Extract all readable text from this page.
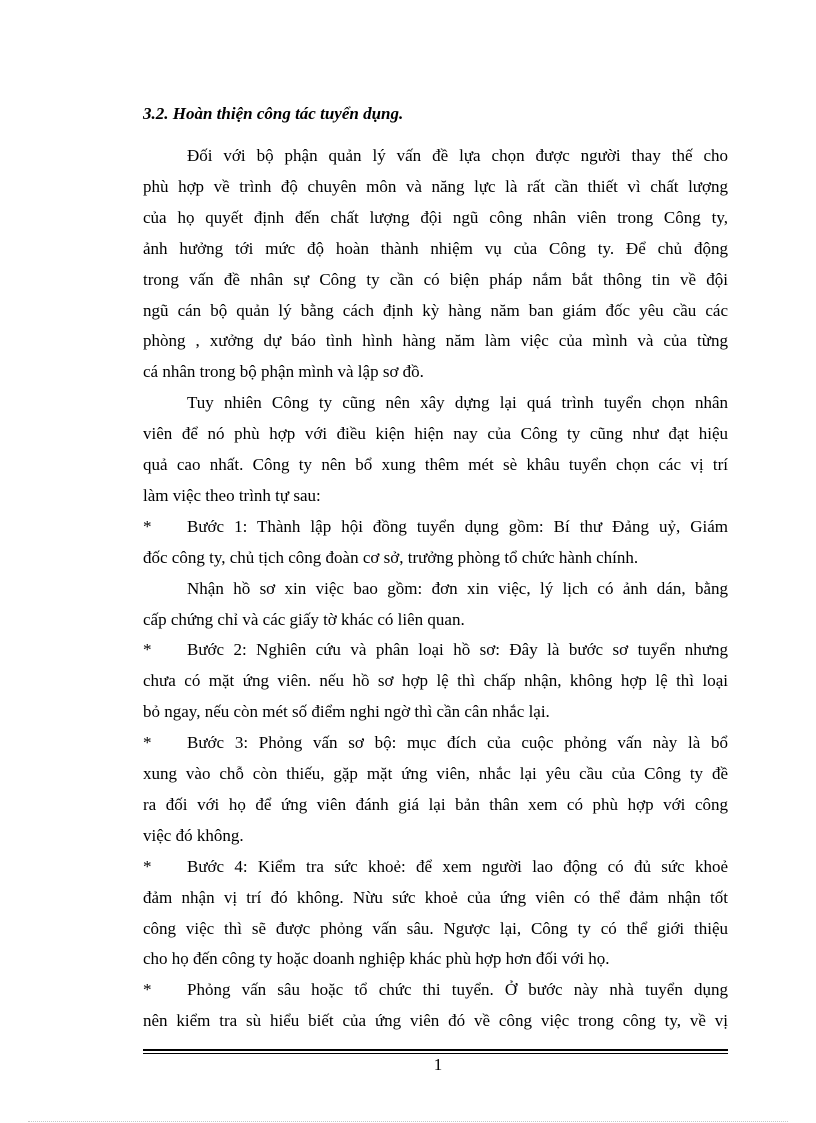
3.2. Hoàn thiện công tác tuyển dụng.
Đối với bộ phận quản lý vấn đề lựa chọn được người thay thế cho
phù hợp về trình độ chuyên môn và năng lực là rất cần thiết vì chất lượng
của họ quyết định đến chất lượng đội ngũ công nhân viên trong Công ty,
ảnh hưởng tới mức độ hoàn thành nhiệm vụ của Công ty. Để chủ động
trong vấn đề nhân sự Công ty cần có biện pháp nắm bắt thông tin về đội
ngũ cán bộ quản lý bằng cách định kỳ hàng năm ban giám đốc yêu cầu các
phòng , xưởng dự báo tình hình hàng năm làm việc của mình và của từng
cá nhân trong bộ phận mình và lập sơ đồ.
Tuy nhiên Công ty cũng nên xây dựng lại quá trình tuyển chọn nhân
viên để nó phù hợp với điều kiện hiện nay của Công ty cũng như đạt hiệu
quả cao nhất. Công ty nên bổ xung thêm mét sè khâu tuyển chọn các vị trí
làm việc theo trình tự sau:
*	Bước 1: Thành lập hội đồng tuyển dụng gồm: Bí thư Đảng uỷ, Giám
đốc công ty, chủ tịch công đoàn cơ sở, trưởng phòng tổ chức hành chính.
Nhận hồ sơ xin việc bao gồm: đơn xin việc, lý lịch có ảnh dán, bằng
cấp chứng chỉ và các giấy tờ khác có liên quan.
*	Bước 2: Nghiên cứu và phân loại hồ sơ: Đây là bước sơ tuyển nhưng
chưa có mặt ứng viên. nếu hồ sơ hợp lệ thì chấp nhận, không hợp lệ thì loại
bỏ ngay, nếu còn mét số điểm nghi ngờ thì cần cân nhắc lại.
*	Bước 3: Phỏng vấn sơ bộ: mục đích của cuộc phỏng vấn này là bổ
xung vào chỗ còn thiếu, gặp mặt ứng viên, nhắc lại yêu cầu của Công ty đề
ra đối với họ để ứng viên đánh giá lại bản thân xem có phù hợp với công
việc đó không.
*	Bước 4: Kiểm tra sức khoẻ: để xem người lao động có đủ sức khoẻ
đảm nhận vị trí đó không. Nừu sức khoẻ của ứng viên có thể đảm nhận tốt
công việc thì sẽ được phỏng vấn sâu. Ngược lại, Công ty có thể giới thiệu
cho họ đến công ty hoặc doanh nghiệp khác phù hợp hơn đối với họ.
*	Phỏng vấn sâu hoặc tổ chức thi tuyển. Ở bước này nhà tuyển dụng
nên kiểm tra sù hiểu biết của ứng viên đó về công việc trong công ty, về vị
1
